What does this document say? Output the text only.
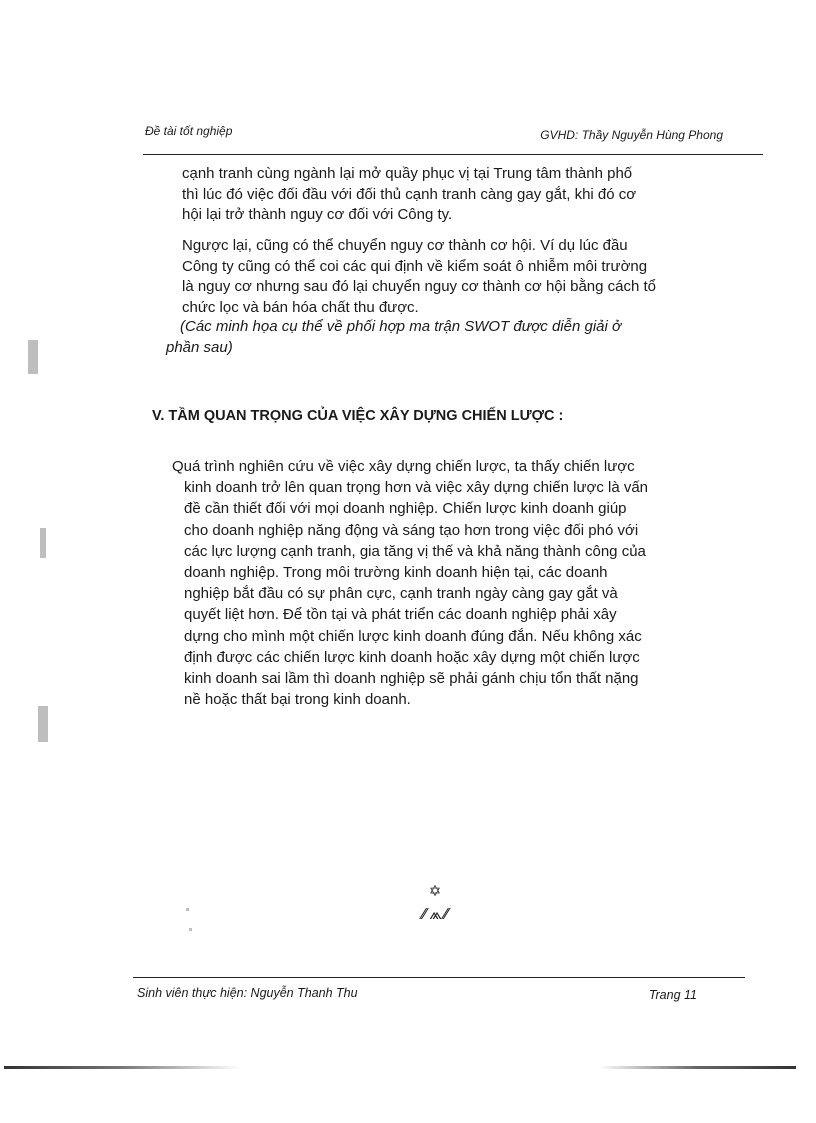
Đề tài tốt nghiệp	GVHD: Thầy Nguyễn Hùng Phong

cạnh tranh cùng ngành lại mở quầy phục vị tại Trung tâm thành phố
thì lúc đó việc đối đầu với đối thủ cạnh tranh càng gay gắt, khi đó cơ
hội lại trở thành nguy cơ đối với Công ty.

Ngược lại, cũng có thể chuyển nguy cơ thành cơ hội. Ví dụ lúc đầu
Công ty cũng có thể coi các qui định về kiểm soát ô nhiễm môi trường
là nguy cơ nhưng sau đó lại chuyển nguy cơ thành cơ hội bằng cách tổ
chức lọc và bán hóa chất thu được.

(Các minh họa cụ thể về phối hợp ma trận SWOT được diễn giải ở
phần sau)

V. TẦM QUAN TRỌNG CỦA VIỆC XÂY DỰNG CHIẾN LƯỢC :

Quá trình nghiên cứu về việc xây dựng chiến lược, ta thấy chiến lược
kinh doanh trở lên quan trọng hơn và việc xây dựng chiến lược là vấn
đề cần thiết đối với mọi doanh nghiệp. Chiến lược kinh doanh giúp
cho doanh nghiệp năng động và sáng tạo hơn trong việc đối phó với
các lực lượng cạnh tranh, gia tăng vị thế và khả năng thành công của
doanh nghiệp. Trong môi trường kinh doanh hiện tại, các doanh
nghiệp bắt đầu có sự phân cực, cạnh tranh ngày càng gay gắt và
quyết liệt hơn. Để tồn tại và phát triển các doanh nghiệp phải xây
dựng cho mình một chiến lược kinh doanh đúng đắn. Nếu không xác
định được các chiến lược kinh doanh hoặc xây dựng một chiến lược
kinh doanh sai lầm thì doanh nghiệp sẽ phải gánh chịu tổn thất nặng
nề hoặc thất bại trong kinh doanh.

✡
⁄⁄ ⩕ ⁄⁄
Sinh viên thực hiện: Nguyễn Thanh Thu	Trang 11
